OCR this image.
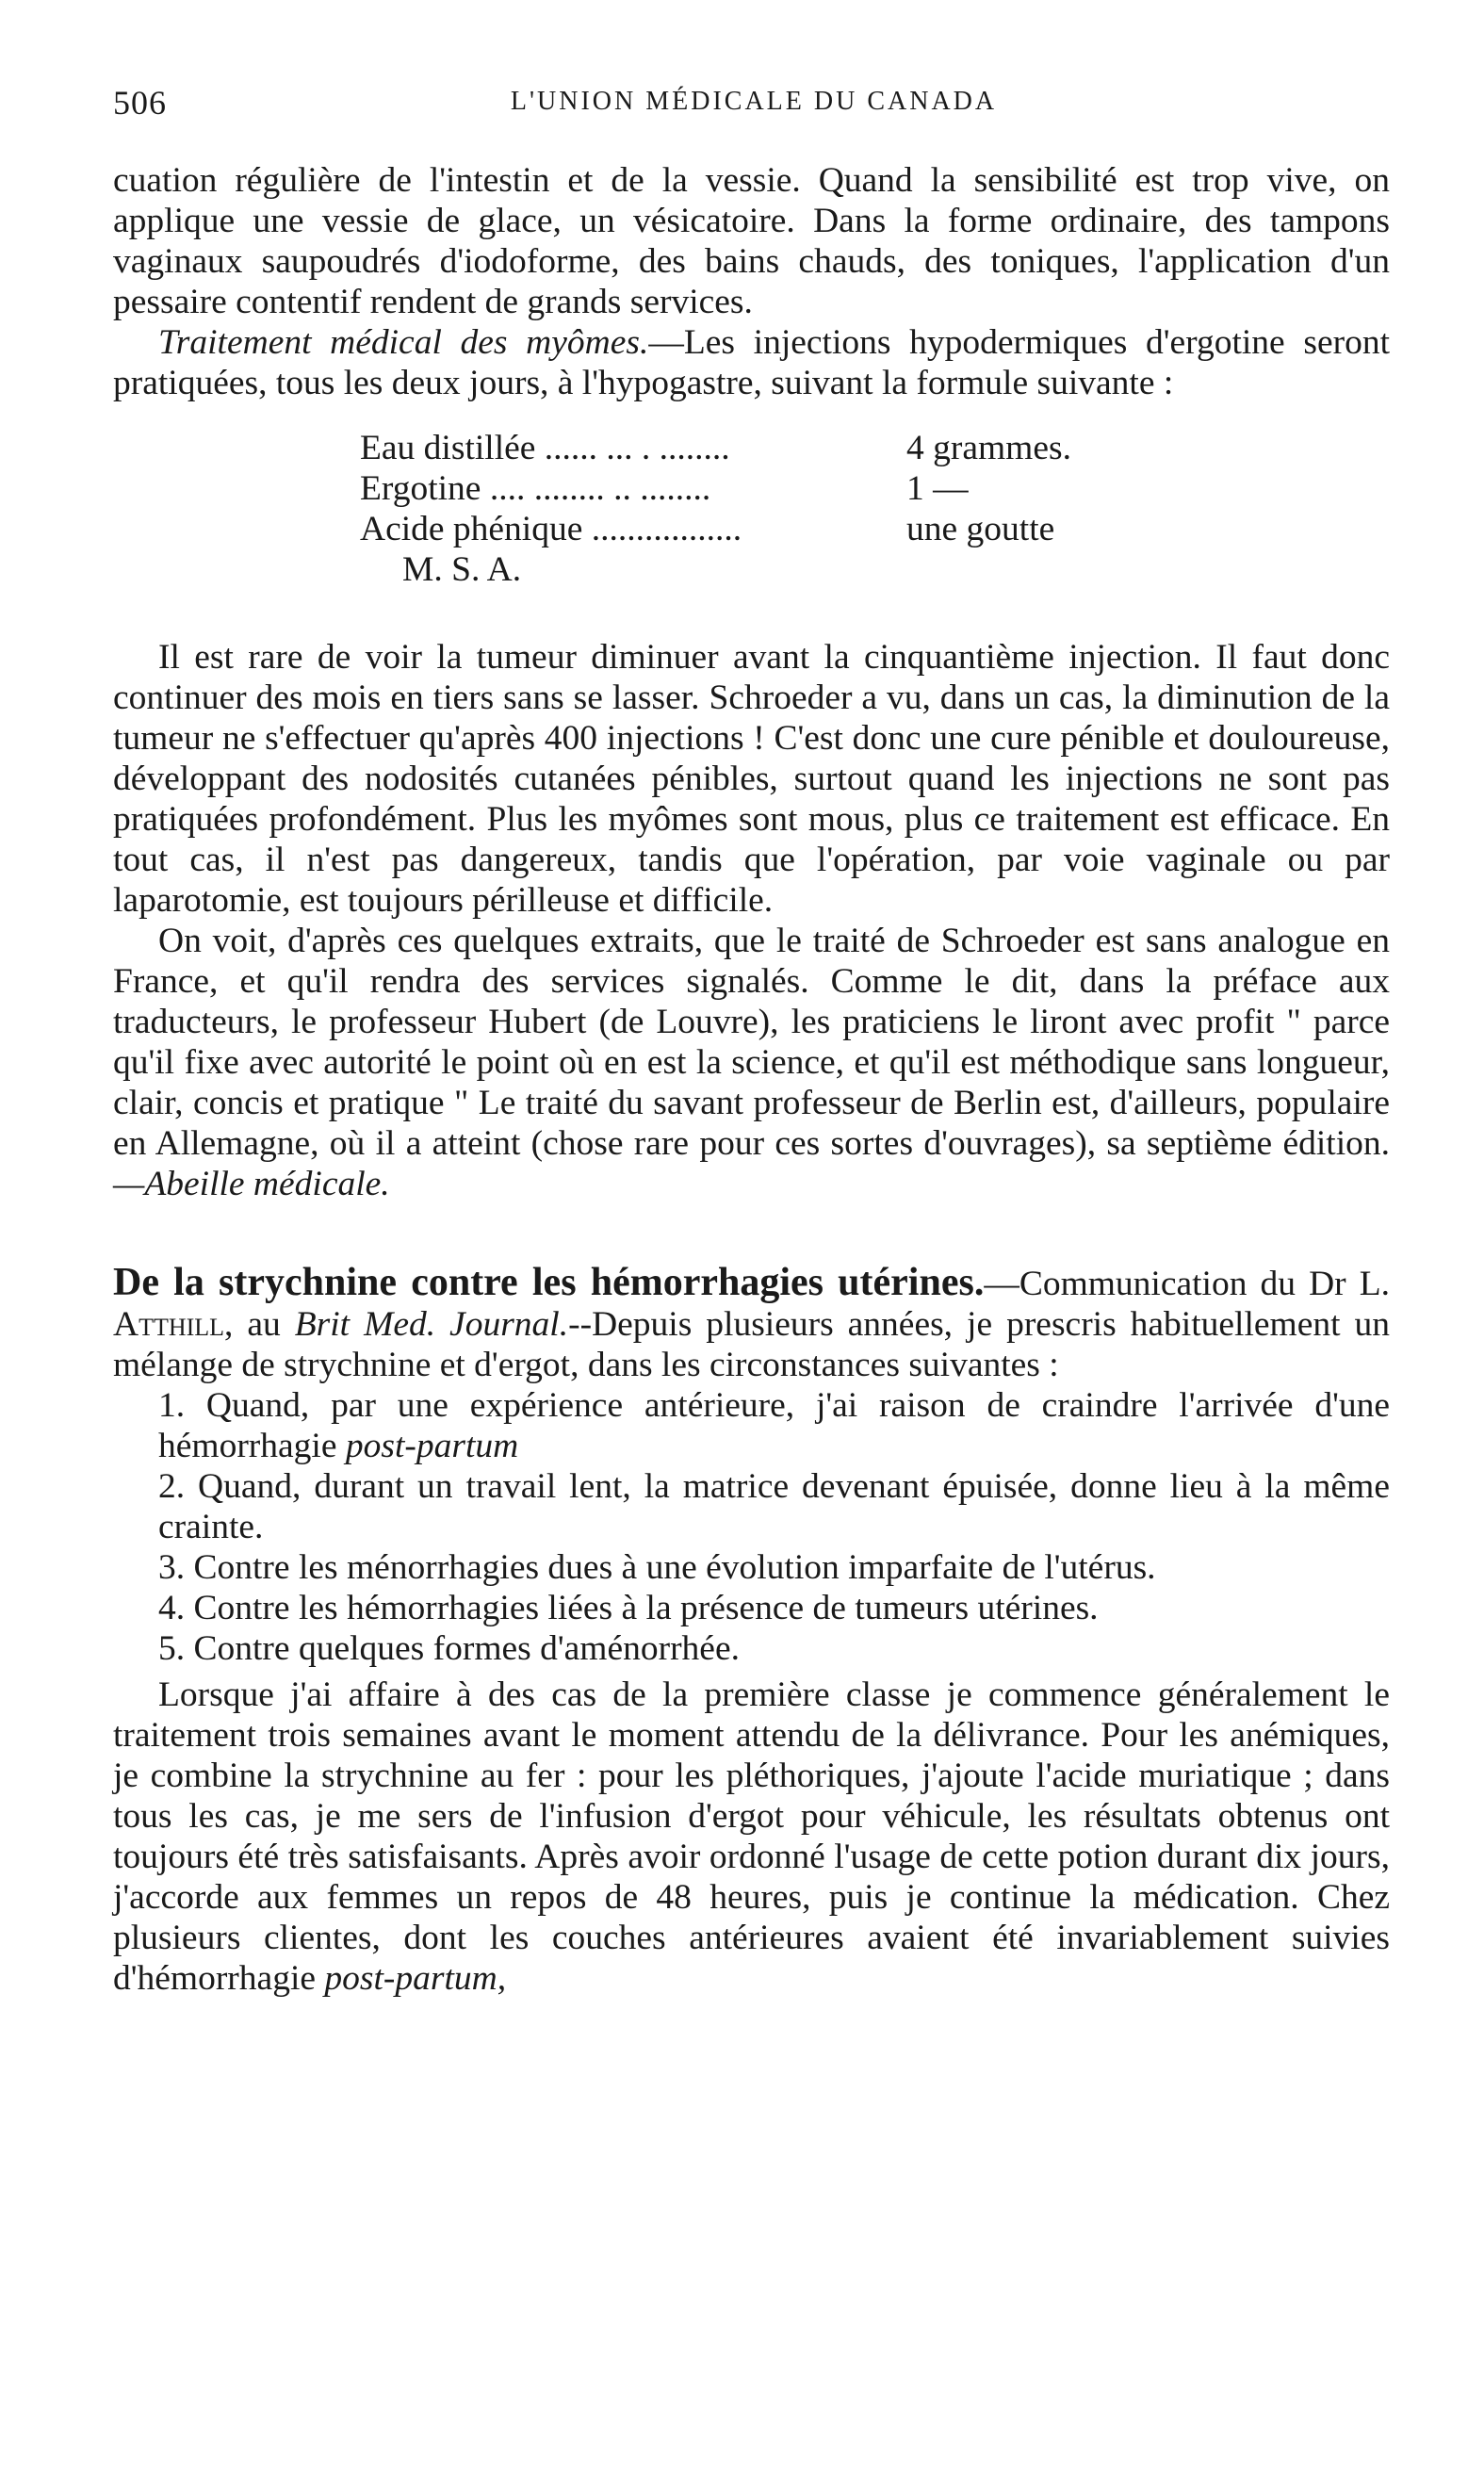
506	L'UNION MÉDICALE DU CANADA

cuation régulière de l'intestin et de la vessie. Quand la sensibilité est trop vive, on applique une vessie de glace, un vésicatoire. Dans la forme ordinaire, des tampons vaginaux saupoudrés d'iodoforme, des bains chauds, des toniques, l'application d'un pessaire contentif rendent de grands services.

Traitement médical des myômes.—Les injections hypodermiques d'ergotine seront pratiquées, tous les deux jours, à l'hypogastre, suivant la formule suivante :

Eau distillée ...... ... . ........	4 grammes.
Ergotine .... ........ .. ........	1 —
Acide phénique .................	une goutte
M. S. A.

Il est rare de voir la tumeur diminuer avant la cinquantième injection. Il faut donc continuer des mois en tiers sans se lasser. Schroeder a vu, dans un cas, la diminution de la tumeur ne s'effectuer qu'après 400 injections ! C'est donc une cure pénible et douloureuse, développant des nodosités cutanées pénibles, surtout quand les injections ne sont pas pratiquées profondément. Plus les myômes sont mous, plus ce traitement est efficace. En tout cas, il n'est pas dangereux, tandis que l'opération, par voie vaginale ou par laparotomie, est toujours périlleuse et difficile.

On voit, d'après ces quelques extraits, que le traité de Schroeder est sans analogue en France, et qu'il rendra des services signalés. Comme le dit, dans la préface aux traducteurs, le professeur Hubert (de Louvre), les praticiens le liront avec profit " parce qu'il fixe avec autorité le point où en est la science, et qu'il est méthodique sans longueur, clair, concis et pratique " Le traité du savant professeur de Berlin est, d'ailleurs, populaire en Allemagne, où il a atteint (chose rare pour ces sortes d'ouvrages), sa septième édition.—Abeille médicale.

De la strychnine contre les hémorrhagies utérines.—Communication du Dr L. Atthill, au Brit Med. Journal.--Depuis plusieurs années, je prescris habituellement un mélange de strychnine et d'ergot, dans les circonstances suivantes :

1. Quand, par une expérience antérieure, j'ai raison de craindre l'arrivée d'une hémorrhagie post-partum

2. Quand, durant un travail lent, la matrice devenant épuisée, donne lieu à la même crainte.

3. Contre les ménorrhagies dues à une évolution imparfaite de l'utérus.

4. Contre les hémorrhagies liées à la présence de tumeurs utérines.

5. Contre quelques formes d'aménorrhée.

Lorsque j'ai affaire à des cas de la première classe je commence généralement le traitement trois semaines avant le moment attendu de la délivrance. Pour les anémiques, je combine la strychnine au fer : pour les pléthoriques, j'ajoute l'acide muriatique ; dans tous les cas, je me sers de l'infusion d'ergot pour véhicule, les résultats obtenus ont toujours été très satisfaisants. Après avoir ordonné l'usage de cette potion durant dix jours, j'accorde aux femmes un repos de 48 heures, puis je continue la médication. Chez plusieurs clientes, dont les couches antérieures avaient été invariablement suivies d'hémorrhagie post-partum,
